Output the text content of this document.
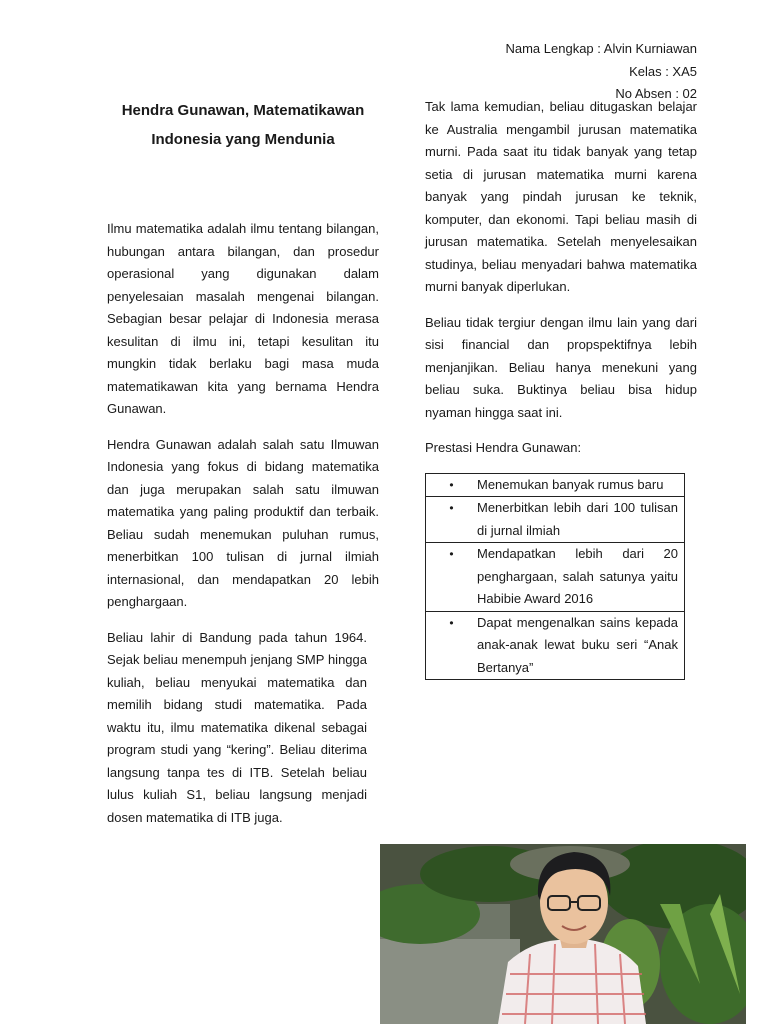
Nama Lengkap : Alvin Kurniawan
Kelas : XA5
No Absen : 02
Hendra Gunawan, Matematikawan Indonesia yang Mendunia

Ilmu matematika adalah ilmu tentang bilangan, hubungan antara bilangan, dan prosedur operasional yang digunakan dalam penyelesaian masalah mengenai bilangan. Sebagian besar pelajar di Indonesia merasa kesulitan di ilmu ini, tetapi kesulitan itu mungkin tidak berlaku bagi masa muda matematikawan kita yang bernama Hendra Gunawan.

Hendra Gunawan adalah salah satu Ilmuwan Indonesia yang fokus di bidang matematika dan juga merupakan salah satu ilmuwan matematika yang paling produktif dan terbaik. Beliau sudah menemukan puluhan rumus, menerbitkan 100 tulisan di jurnal ilmiah internasional, dan mendapatkan 20 lebih penghargaan.

Beliau lahir di Bandung pada tahun 1964. Sejak beliau menempuh jenjang SMP hingga kuliah, beliau menyukai matematika dan memilih bidang studi matematika. Pada waktu itu, ilmu matematika dikenal sebagai program studi yang “kering”. Beliau diterima langsung tanpa tes di ITB. Setelah beliau lulus kuliah S1, beliau langsung menjadi dosen matematika di ITB juga.

Tak lama kemudian, beliau ditugaskan belajar ke Australia mengambil jurusan matematika murni. Pada saat itu tidak banyak yang tetap setia di jurusan matematika murni karena banyak yang pindah jurusan ke teknik, komputer, dan ekonomi. Tapi beliau masih di jurusan matematika. Setelah menyelesaikan studinya, beliau menyadari bahwa matematika murni banyak diperlukan.

Beliau tidak tergiur dengan ilmu lain yang dari sisi financial dan propspektifnya lebih menjanjikan. Beliau hanya menekuni yang beliau suka. Buktinya beliau bisa hidup nyaman hingga saat ini.

Prestasi Hendra Gunawan:

•	Menemukan banyak rumus baru

•	Menerbitkan lebih dari 100 tulisan di jurnal ilmiah

•	Mendapatkan lebih dari 20 penghargaan, salah satunya yaitu Habibie Award 2016

•	Dapat mengenalkan sains kepada anak-anak lewat buku seri “Anak Bertanya”
